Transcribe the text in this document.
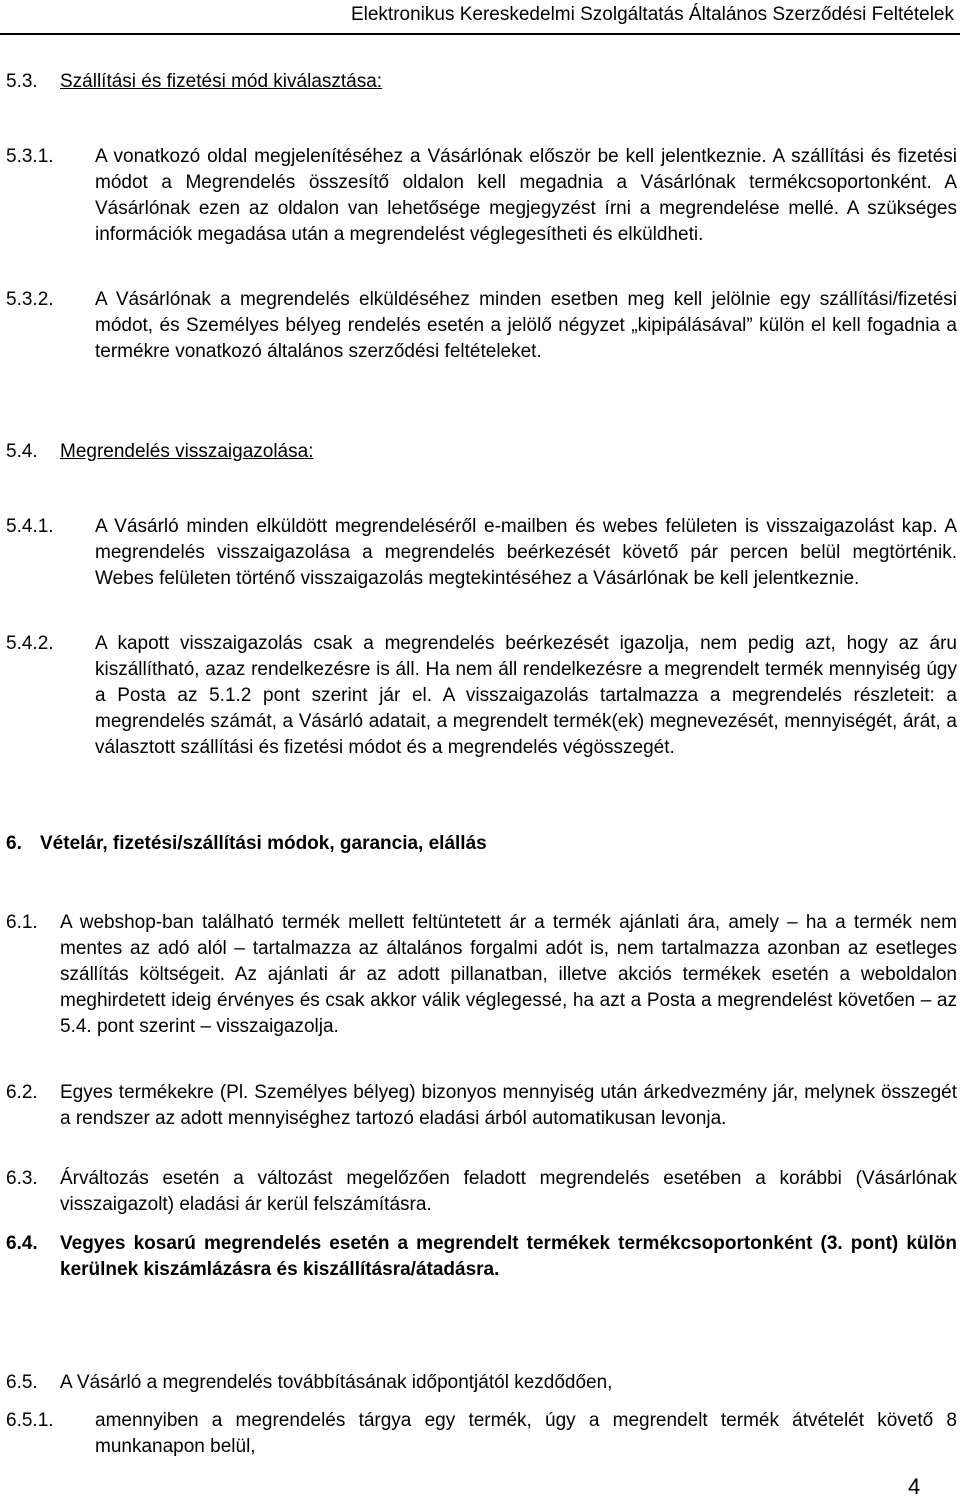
Elektronikus Kereskedelmi Szolgáltatás Általános Szerződési Feltételek
5.3. Szállítási és fizetési mód kiválasztása:
5.3.1. A vonatkozó oldal megjelenítéséhez a Vásárlónak először be kell jelentkeznie. A szállítási és fizetési módot a Megrendelés összesítő oldalon kell megadnia a Vásárlónak termékcsoportonként. A Vásárlónak ezen az oldalon van lehetősége megjegyzést írni a megrendelése mellé. A szükséges információk megadása után a megrendelést véglegesítheti és elküldheti.
5.3.2. A Vásárlónak a megrendelés elküldéséhez minden esetben meg kell jelölnie egy szállítási/fizetési módot, és Személyes bélyeg rendelés esetén a jelölő négyzet „kipipálásával” külön el kell fogadnia a termékre vonatkozó általános szerződési feltételeket.
5.4. Megrendelés visszaigazolása:
5.4.1. A Vásárló minden elküldött megrendeléséről e-mailben és webes felületen is visszaigazolást kap. A megrendelés visszaigazolása a megrendelés beérkezését követő pár percen belül megtörténik. Webes felületen történő visszaigazolás megtekintéséhez a Vásárlónak be kell jelentkeznie.
5.4.2. A kapott visszaigazolás csak a megrendelés beérkezését igazolja, nem pedig azt, hogy az áru kiszállítható, azaz rendelkezésre is áll. Ha nem áll rendelkezésre a megrendelt termék mennyiség úgy a Posta az 5.1.2 pont szerint jár el. A visszaigazolás tartalmazza a megrendelés részleteit: a megrendelés számát, a Vásárló adatait, a megrendelt termék(ek) megnevezését, mennyiségét, árát, a választott szállítási és fizetési módot és a megrendelés végösszegét.
6. Vételár, fizetési/szállítási módok, garancia, elállás
6.1. A webshop-ban található termék mellett feltüntetett ár a termék ajánlati ára, amely – ha a termék nem mentes az adó alól – tartalmazza az általános forgalmi adót is, nem tartalmazza azonban az esetleges szállítás költségeit. Az ajánlati ár az adott pillanatban, illetve akciós termékek esetén a weboldalon meghirdetett ideig érvényes és csak akkor válik véglegessé, ha azt a Posta a megrendelést követően – az 5.4. pont szerint – visszaigazolja.
6.2. Egyes termékekre (Pl. Személyes bélyeg) bizonyos mennyiség után árkedvezmény jár, melynek összegét a rendszer az adott mennyiséghez tartozó eladási árból automatikusan levonja.
6.3. Árváltozás esetén a változást megelőzően feladott megrendelés esetében a korábbi (Vásárlónak visszaigazolt) eladási ár kerül felszámításra.
6.4. Vegyes kosarú megrendelés esetén a megrendelt termékek termékcsoportonként (3. pont) külön kerülnek kiszámlázásra és kiszállításra/átadásra.
6.5. A Vásárló a megrendelés továbbításának időpontjától kezdődően,
6.5.1. amennyiben a megrendelés tárgya egy termék, úgy a megrendelt termék átvételét követő 8 munkanapon belül,
4
